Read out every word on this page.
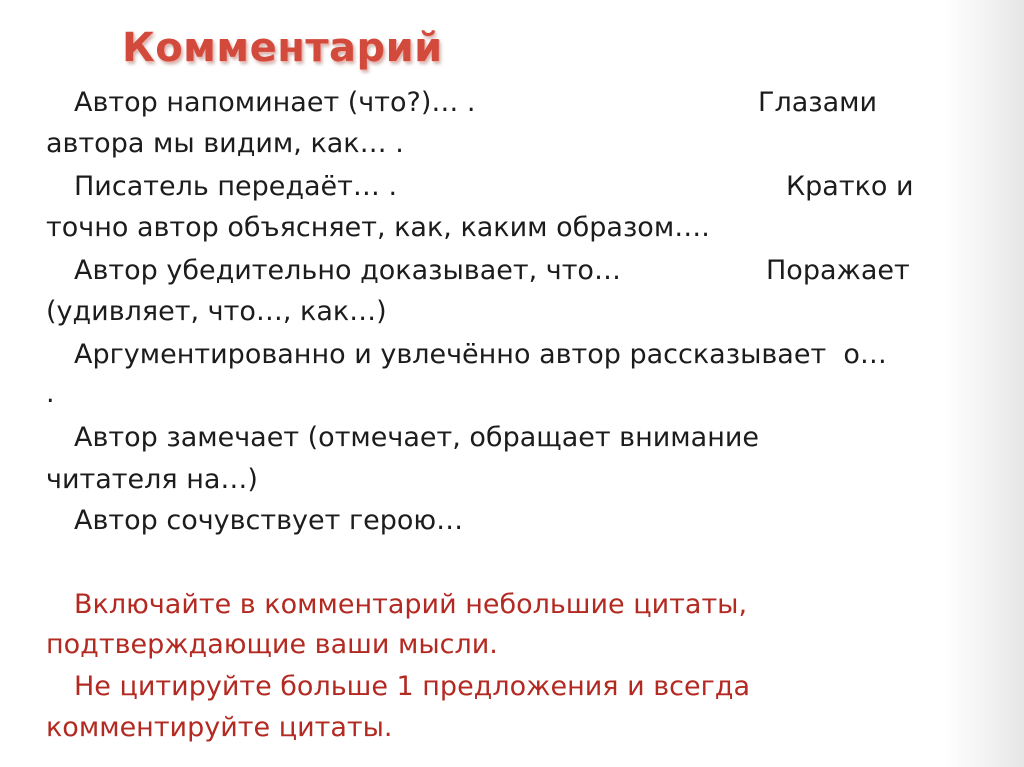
Комментарий
Автор напоминает (что?)… .	Глазами
автора мы видим, как… .
Писатель передаёт… .	Кратко и
точно автор объясняет, как, каким образом….
Автор убедительно доказывает, что…	Поражает
(удивляет, что…, как…)
Аргументированно и увлечённо автор рассказывает  о…
.
Автор замечает (отмечает, обращает внимание
читателя на…)
Автор сочувствует герою…
Включайте в комментарий небольшие цитаты,
подтверждающие ваши мысли.
Не цитируйте больше 1 предложения и всегда
комментируйте цитаты.
